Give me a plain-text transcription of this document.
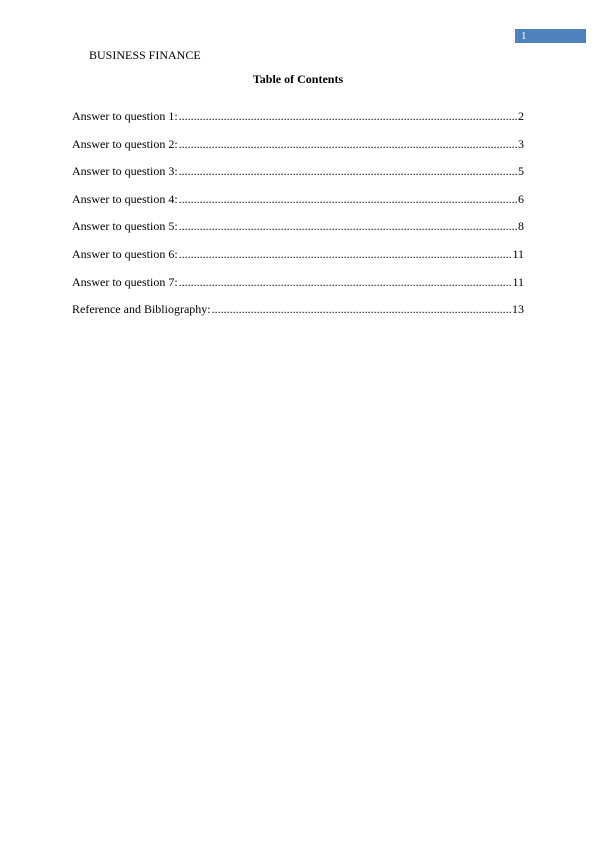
1
BUSINESS FINANCE
Table of Contents
Answer to question 1: .....	2
Answer to question 2: .....	3
Answer to question 3: .....	5
Answer to question 4: .....	6
Answer to question 5: .....	8
Answer to question 6: .....	11
Answer to question 7: .....	11
Reference and Bibliography: .....	13
